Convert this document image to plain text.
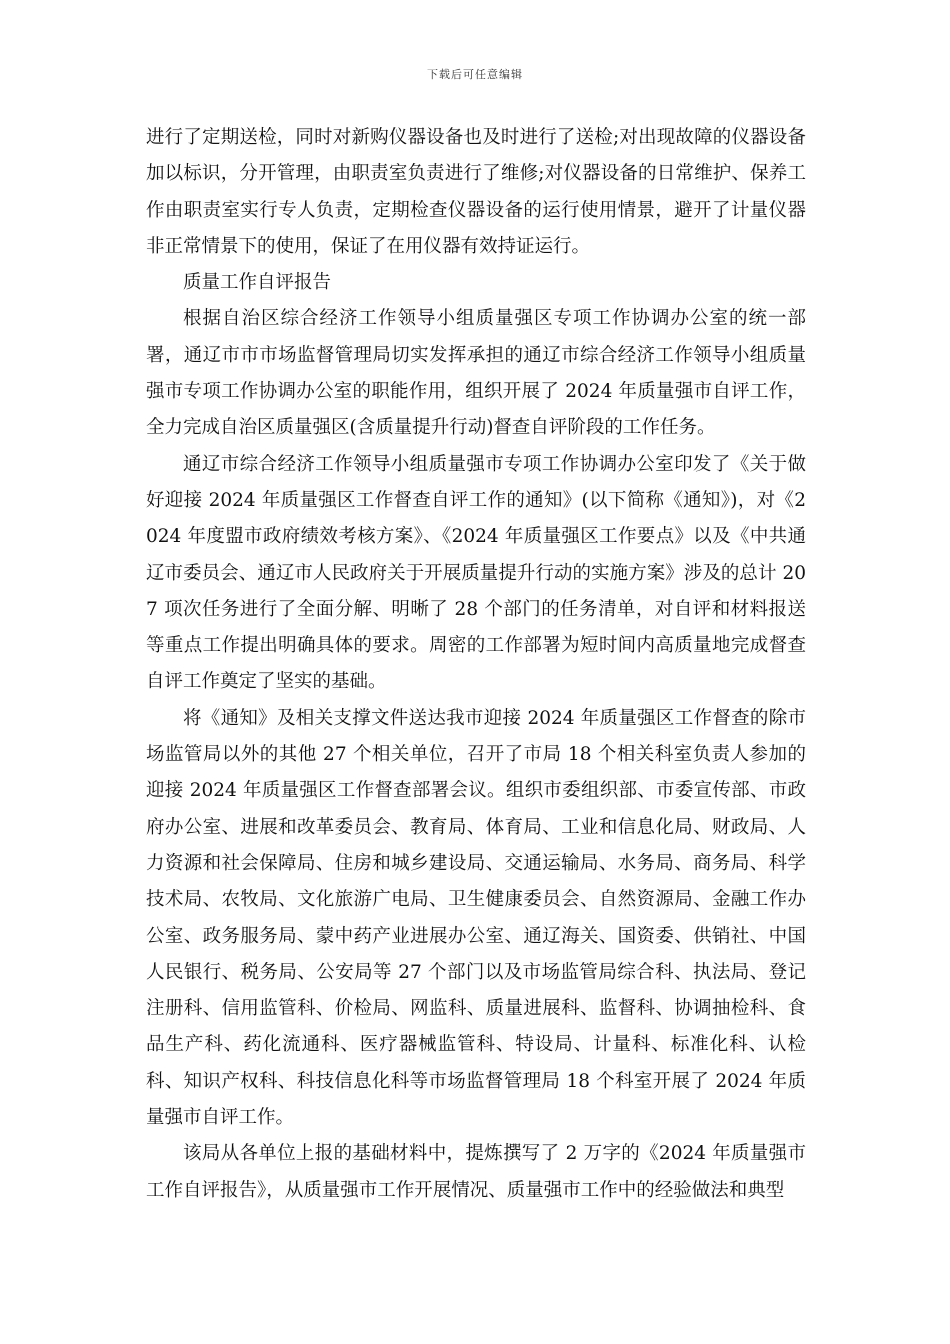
下载后可任意编辑

进行了定期送检，同时对新购仪器设备也及时进行了送检;对出现故障的仪器设备加以标识，分开管理，由职责室负责进行了维修;对仪器设备的日常维护、保养工作由职责室实行专人负责，定期检查仪器设备的运行使用情景，避开了计量仪器非正常情景下的使用，保证了在用仪器有效持证运行。

质量工作自评报告

根据自治区综合经济工作领导小组质量强区专项工作协调办公室的统一部署，通辽市市市场监督管理局切实发挥承担的通辽市综合经济工作领导小组质量强市专项工作协调办公室的职能作用，组织开展了 2024 年质量强市自评工作，全力完成自治区质量强区(含质量提升行动)督查自评阶段的工作任务。

通辽市综合经济工作领导小组质量强市专项工作协调办公室印发了《关于做好迎接 2024 年质量强区工作督查自评工作的通知》(以下简称《通知》)，对《2024 年度盟市政府绩效考核方案》、《2024 年质量强区工作要点》以及《中共通辽市委员会、通辽市人民政府关于开展质量提升行动的实施方案》涉及的总计 207 项次任务进行了全面分解、明晰了 28 个部门的任务清单，对自评和材料报送等重点工作提出明确具体的要求。周密的工作部署为短时间内高质量地完成督查自评工作奠定了坚实的基础。

将《通知》及相关支撑文件送达我市迎接 2024 年质量强区工作督查的除市场监管局以外的其他 27 个相关单位，召开了市局 18 个相关科室负责人参加的迎接 2024 年质量强区工作督查部署会议。组织市委组织部、市委宣传部、市政府办公室、进展和改革委员会、教育局、体育局、工业和信息化局、财政局、人力资源和社会保障局、住房和城乡建设局、交通运输局、水务局、商务局、科学技术局、农牧局、文化旅游广电局、卫生健康委员会、自然资源局、金融工作办公室、政务服务局、蒙中药产业进展办公室、通辽海关、国资委、供销社、中国人民银行、税务局、公安局等 27 个部门以及市场监管局综合科、执法局、登记注册科、信用监管科、价检局、网监科、质量进展科、监督科、协调抽检科、食品生产科、药化流通科、医疗器械监管科、特设局、计量科、标准化科、认检科、知识产权科、科技信息化科等市场监督管理局 18 个科室开展了 2024 年质量强市自评工作。

该局从各单位上报的基础材料中，提炼撰写了 2 万字的《2024 年质量强市工作自评报告》，从质量强市工作开展情况、质量强市工作中的经验做法和典型
